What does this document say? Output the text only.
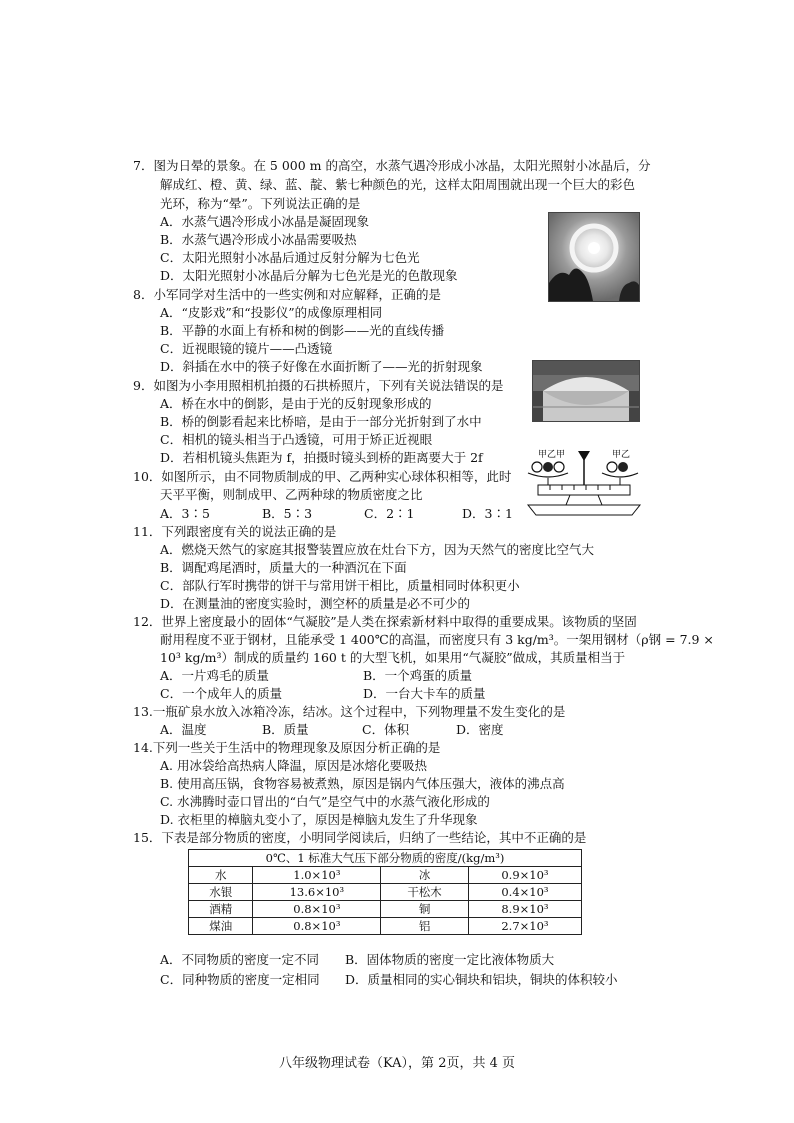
7．图为日晕的景象。在 5 000 m 的高空，水蒸气遇冷形成小冰晶，太阳光照射小冰晶后，分
解成红、橙、黄、绿、蓝、靛、紫七种颜色的光，这样太阳周围就出现一个巨大的彩色
光环，称为“晕”。下列说法正确的是
A．水蒸气遇冷形成小冰晶是凝固现象
B．水蒸气遇冷形成小冰晶需要吸热
C．太阳光照射小冰晶后通过反射分解为七色光
D．太阳光照射小冰晶后分解为七色光是光的色散现象
8．小军同学对生活中的一些实例和对应解释，正确的是
A．“皮影戏”和“投影仪”的成像原理相同
B．平静的水面上有桥和树的倒影——光的直线传播
C．近视眼镜的镜片——凸透镜
D．斜插在水中的筷子好像在水面折断了——光的折射现象
9．如图为小李用照相机拍摄的石拱桥照片，下列有关说法错误的是
A．桥在水中的倒影，是由于光的反射现象形成的
B．桥的倒影看起来比桥暗，是由于一部分光折射到了水中
C．相机的镜头相当于凸透镜，可用于矫正近视眼
D．若相机镜头焦距为 f，拍摄时镜头到桥的距离要大于 2f	甲乙甲	甲乙
10．如图所示，由不同物质制成的甲、乙两种实心球体积相等，此时
天平平衡，则制成甲、乙两种球的物质密度之比
A．3∶5	B．5∶3	C．2∶1	D．3∶1
11．下列跟密度有关的说法正确的是
A．燃烧天然气的家庭其报警装置应放在灶台下方，因为天然气的密度比空气大
B．调配鸡尾酒时，质量大的一种酒沉在下面
C．部队行军时携带的饼干与常用饼干相比，质量相同时体积更小
D．在测量油的密度实验时，测空杯的质量是必不可少的
12．世界上密度最小的固体“气凝胶”是人类在探索新材料中取得的重要成果。该物质的坚固
耐用程度不亚于钢材，且能承受 1 400℃的高温，而密度只有 3 kg/m³。一架用钢材（ρ钢 = 7.9 ×
10³ kg/m³）制成的质量约 160 t 的大型飞机，如果用“气凝胶”做成，其质量相当于
A．一片鸡毛的质量	B．一个鸡蛋的质量
C．一个成年人的质量	D．一台大卡车的质量
13.一瓶矿泉水放入冰箱冷冻，结冰。这个过程中，下列物理量不发生变化的是
A．温度	B．质量	C．体积	D．密度
14.下列一些关于生活中的物理现象及原因分析正确的是
A. 用冰袋给高热病人降温，原因是冰熔化要吸热
B. 使用高压锅，食物容易被煮熟，原因是锅内气体压强大，液体的沸点高
C. 水沸腾时壶口冒出的“白气”是空气中的水蒸气液化形成的
D. 衣柜里的樟脑丸变小了，原因是樟脑丸发生了升华现象
15．下表是部分物质的密度，小明同学阅读后，归纳了一些结论，其中不正确的是
0℃、1 标准大气压下部分物质的密度/(kg/m³)			
水	1.0×10³	冰	0.9×10³
水银	13.6×10³	干松木	0.4×10³
酒精	0.8×10³	铜	8.9×10³
煤油	0.8×10³	铝	2.7×10³
A．不同物质的密度一定不同 B．固体物质的密度一定比液体物质大
C．同种物质的密度一定相同 D．质量相同的实心铜块和铝块，铜块的体积较小
八年级物理试卷（KA），第 2页，共 4 页
